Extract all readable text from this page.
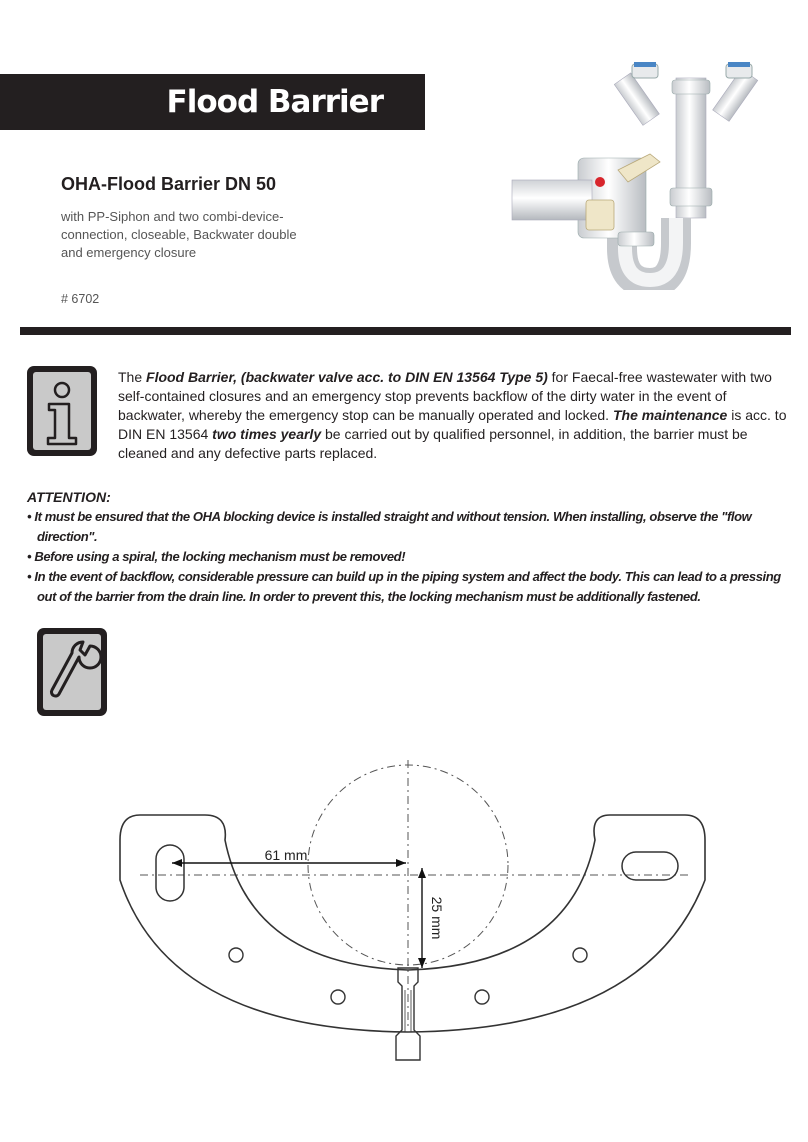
Flood Barrier
OHA-Flood Barrier DN 50
with PP-Siphon and two combi-device-connection, closeable, Backwater double and emergency closure
# 6702
The Flood Barrier, (backwater valve acc. to DIN EN 13564 Type 5) for Faecal-free wastewater with two self-contained closures and an emergency stop prevents backflow of the dirty water in the event of backwater, whereby the emergency stop can be manually operated and locked. The maintenance is acc. to DIN EN 13564 two times yearly be carried out by qualified personnel, in addition, the barrier must be cleaned and any defective parts replaced.
ATTENTION:
• It must be ensured that the OHA blocking device is installed straight and without tension. When installing, observe the "flow direction".
• Before using a spiral, the locking mechanism must be removed!
• In the event of backflow, considerable pressure can build up in the piping system and affect the body. This can lead to a pressing out of the barrier from the drain line. In order to prevent this, the locking mechanism must be additionally fastened.
61 mm
25 mm
